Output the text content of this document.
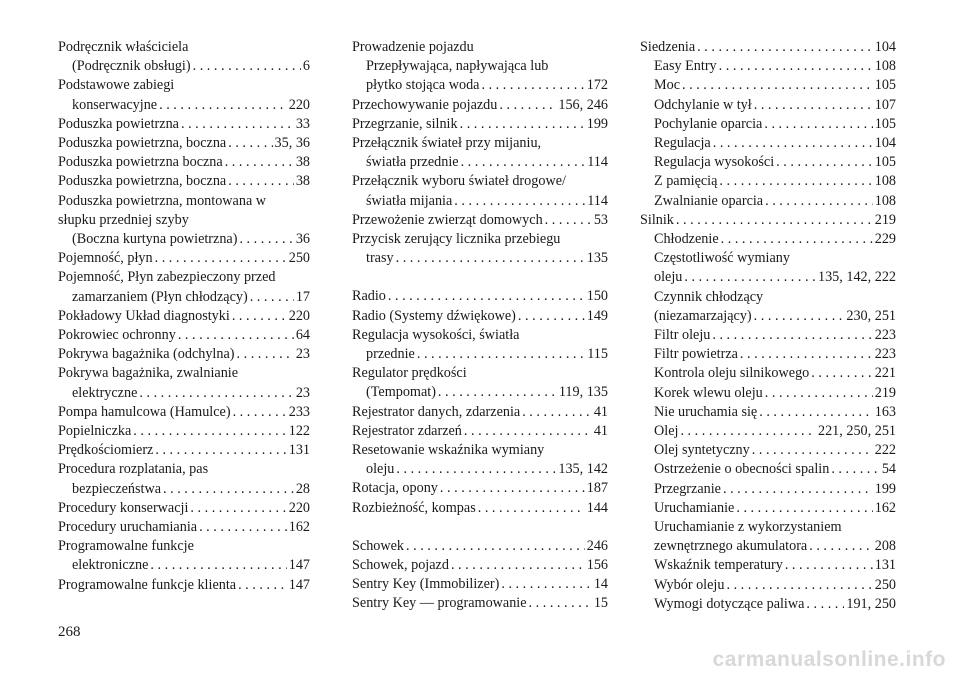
Podręcznik właściciela
(Podręcznik obsługi) . . .	6
Podstawowe zabiegi
konserwacyjne . . .	220
Poduszka powietrzna . . .	33
Poduszka powietrzna, boczna . . .	35, 36
Poduszka powietrzna boczna . . .	38
Poduszka powietrzna, boczna . . .	38
Poduszka powietrzna, montowana w
słupku przedniej szyby
(Boczna kurtyna powietrzna) . . .	36
Pojemność, płyn . . .	250
Pojemność, Płyn zabezpieczony przed
zamarzaniem (Płyn chłodzący) . . .	17
Pokładowy Układ diagnostyki . . .	220
Pokrowiec ochronny . . .	64
Pokrywa bagażnika (odchylna) . . .	23
Pokrywa bagażnika, zwalnianie
elektryczne . . .	23
Pompa hamulcowa (Hamulce) . . .	233
Popielniczka . . .	122
Prędkościomierz . . .	131
Procedura rozplatania, pas
bezpieczeństwa . . .	28
Procedury konserwacji . . .	220
Procedury uruchamiania . . .	162
Programowalne funkcje
elektroniczne . . .	147
Programowalne funkcje klienta . . .	147
Prowadzenie pojazdu
Przepływająca, napływająca lub
płytko stojąca woda . . .	172
Przechowywanie pojazdu . . .	156, 246
Przegrzanie, silnik . . .	199
Przełącznik świateł przy mijaniu,
światła przednie . . .	114
Przełącznik wyboru świateł drogowe/
światła mijania . . .	114
Przewożenie zwierząt domowych . . .	53
Przycisk zerujący licznika przebiegu
trasy . . .	135
Radio . . .	150
Radio (Systemy dźwiękowe) . . .	149
Regulacja wysokości, światła
przednie . . .	115
Regulator prędkości
(Tempomat) . . .	119, 135
Rejestrator danych, zdarzenia . . .	41
Rejestrator zdarzeń . . .	41
Resetowanie wskaźnika wymiany
oleju . . .	135, 142
Rotacja, opony . . .	187
Rozbieżność, kompas . . .	144
Schowek . . .	246
Schowek, pojazd . . .	156
Sentry Key (Immobilizer) . . .	14
Sentry Key — programowanie . . .	15
Siedzenia . . .	104
Easy Entry . . .	108
Moc . . .	105
Odchylanie w tył . . .	107
Pochylanie oparcia . . .	105
Regulacja . . .	104
Regulacja wysokości . . .	105
Z pamięcią . . .	108
Zwalnianie oparcia . . .	108
Silnik . . .	219
Chłodzenie . . .	229
Częstotliwość wymiany
oleju . . .	135, 142, 222
Czynnik chłodzący
(niezamarzający) . . .	230, 251
Filtr oleju . . .	223
Filtr powietrza . . .	223
Kontrola oleju silnikowego . . .	221
Korek wlewu oleju . . .	219
Nie uruchamia się . . .	163
Olej . . .	221, 250, 251
Olej syntetyczny . . .	222
Ostrzeżenie o obecności spalin . . .	54
Przegrzanie . . .	199
Uruchamianie . . .	162
Uruchamianie z wykorzystaniem
zewnętrznego akumulatora . . .	208
Wskaźnik temperatury . . .	131
Wybór oleju . . .	250
Wymogi dotyczące paliwa . . .	191, 250
268
carmanualsonline.info
